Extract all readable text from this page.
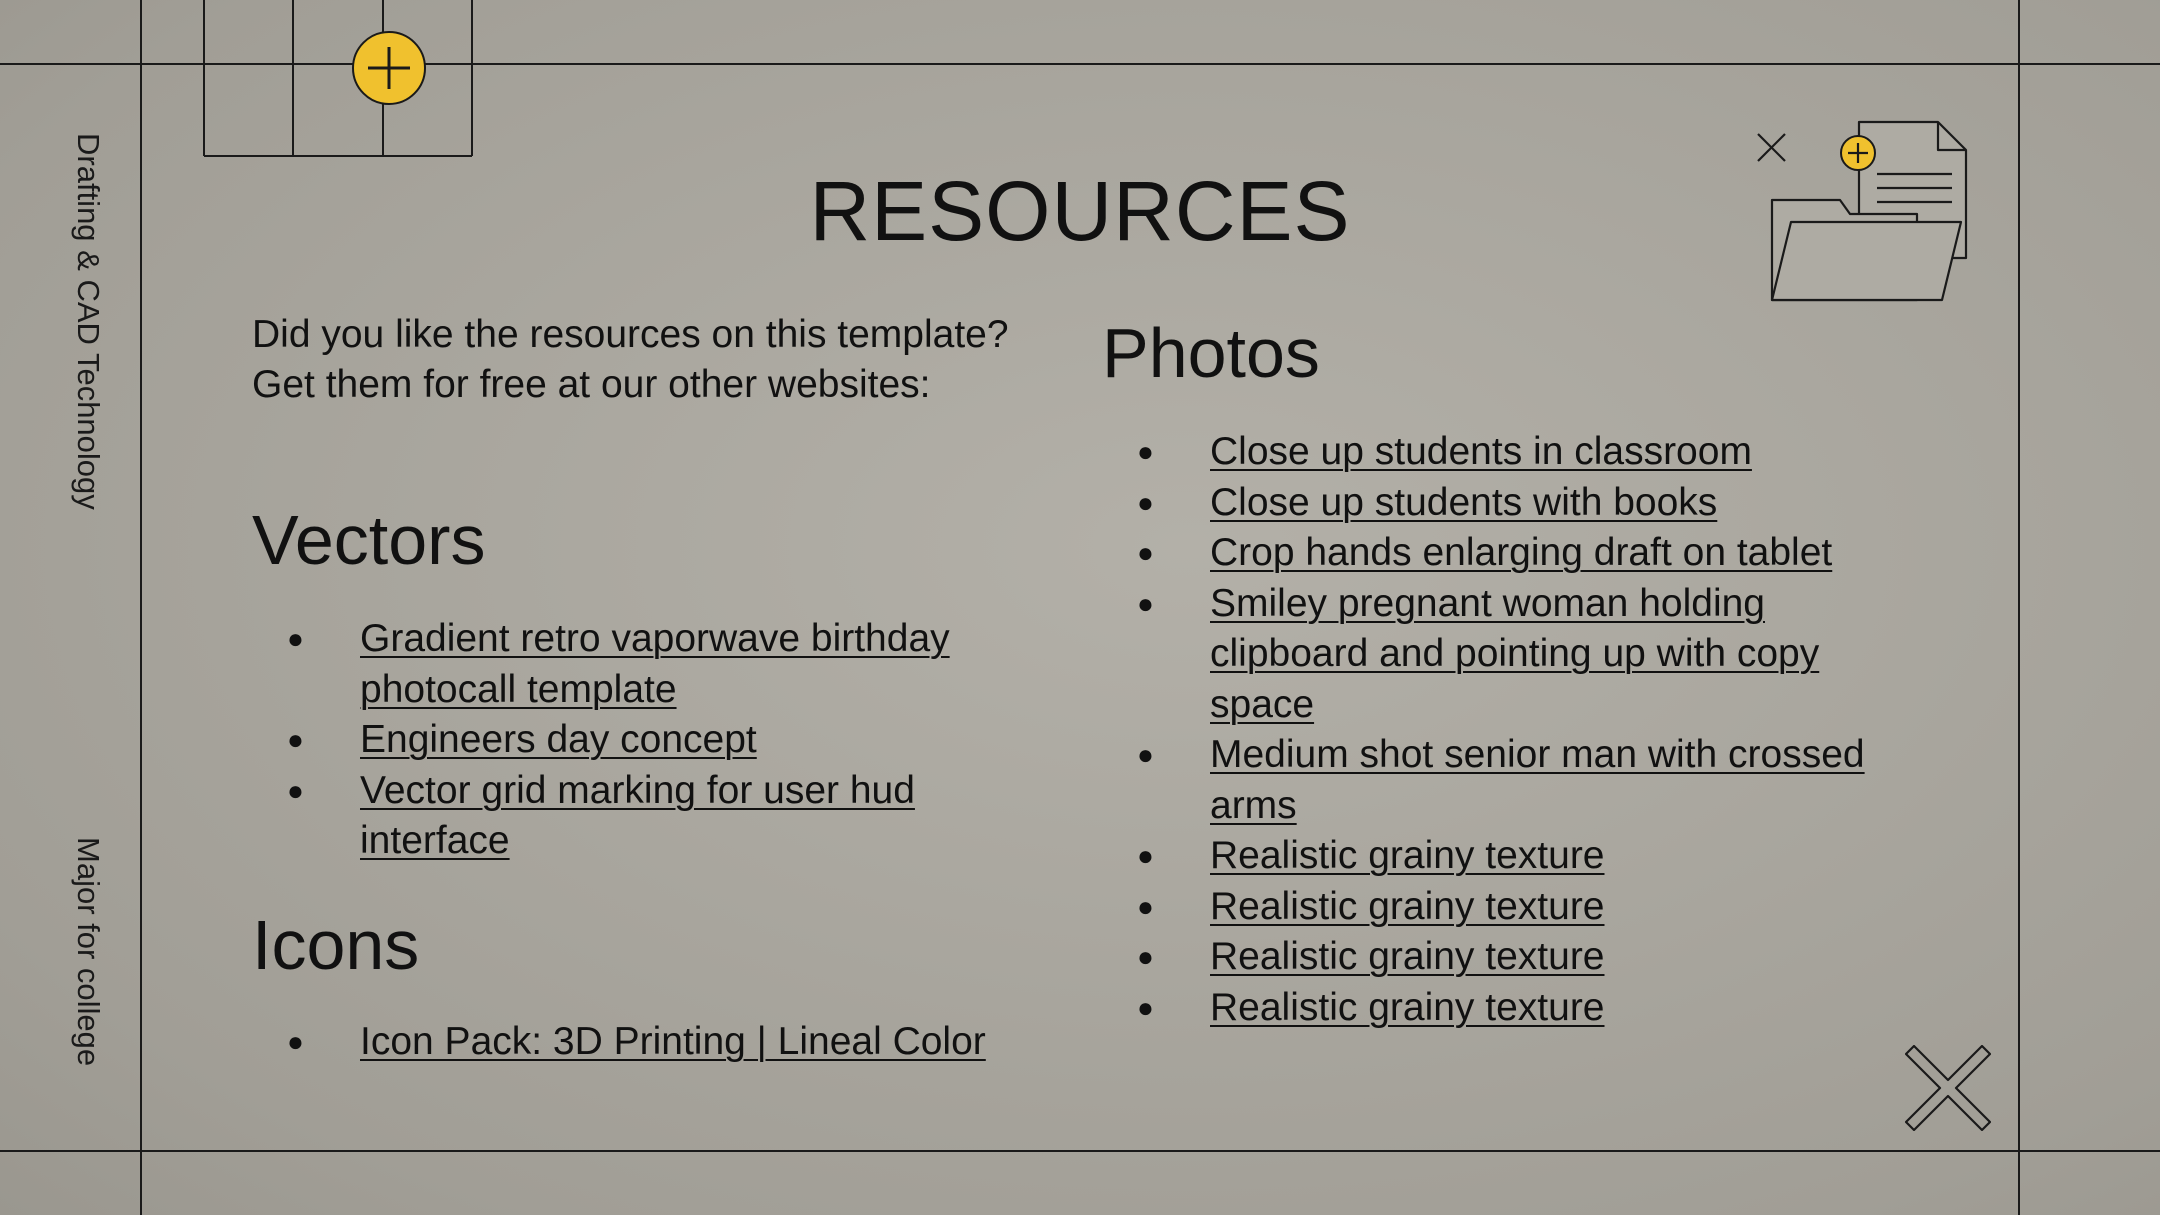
Drafting & CAD Technology
Major for college
RESOURCES

Did you like the resources on this template? Get them for free at our other websites:

Vectors
● Gradient retro vaporwave birthday photocall template
● Engineers day concept
● Vector grid marking for user hud interface
Icons
● Icon Pack: 3D Printing | Lineal Color
Photos
● Close up students in classroom
● Close up students with books
● Crop hands enlarging draft on tablet
● Smiley pregnant woman holding clipboard and pointing up with copy space
● Medium shot senior man with crossed arms
● Realistic grainy texture
● Realistic grainy texture
● Realistic grainy texture
● Realistic grainy texture
